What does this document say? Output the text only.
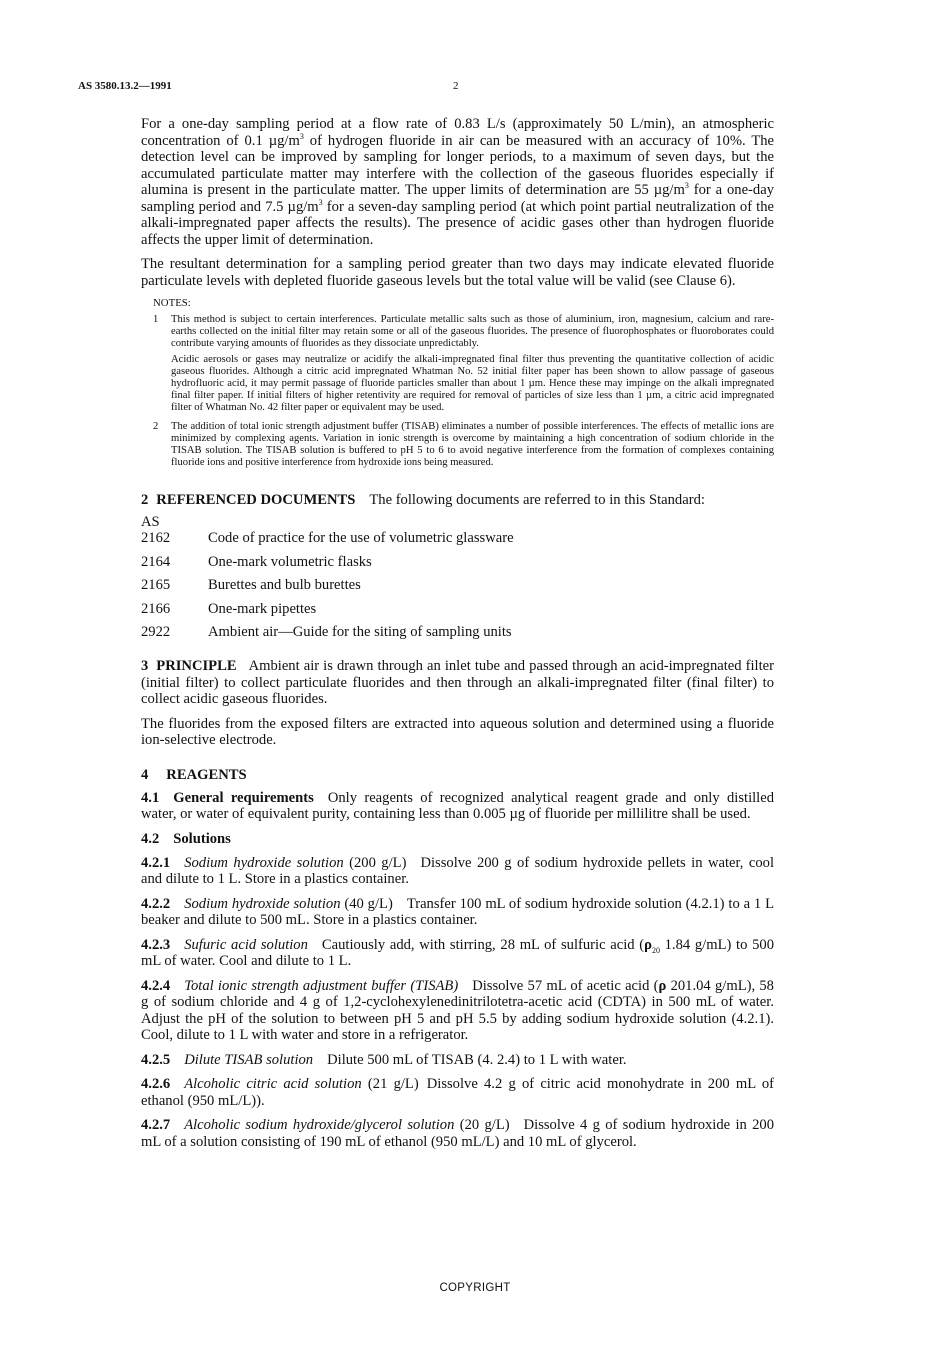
AS 3580.13.2—1991	2

For a one-day sampling period at a flow rate of 0.83 L/s (approximately 50 L/min), an atmospheric concentration of 0.1 $\mu g/m^3$ of hydrogen fluoride in air can be measured with an accuracy of 10%. The detection level can be improved by sampling for longer periods, to a maximum of seven days, but the accumulated particulate matter may interfere with the collection of the gaseous fluorides especially if alumina is present in the particulate matter. The upper limits of determination are 55 $\mu g/m^3$ for a one-day sampling period and 7.5 $\mu g/m^3$ for a seven-day sampling period (at which point partial neutralization of the alkali-impregnated paper affects the results). The presence of acidic gases other than hydrogen fluoride affects the upper limit of determination.

The resultant determination for a sampling period greater than two days may indicate elevated fluoride particulate levels with depleted fluoride gaseous levels but the total value will be valid (see Clause 6).

NOTES:
1	This method is subject to certain interferences. Particulate metallic salts such as those of aluminium, iron, magnesium, calcium and rare-earths collected on the initial filter may retain some or all of the gaseous fluorides. The presence of fluorophosphates or fluoroborates could contribute varying amounts of fluorides as they dissociate unpredictably.

Acidic aerosols or gases may neutralize or acidify the alkali-impregnated final filter thus preventing the quantitative collection of acidic gaseous fluorides. Although a citric acid impregnated Whatman No. 52 initial filter paper has been shown to allow passage of gaseous hydrofluoric acid, it may permit passage of fluoride particles smaller than about 1 µm. Hence these may impinge on the alkali impregnated final filter paper. If initial filters of higher retentivity are required for removal of particles of size less than 1 µm, a citric acid impregnated filter of Whatman No. 42 filter paper or equivalent may be used.

2	The addition of total ionic strength adjustment buffer (TISAB) eliminates a number of possible interferences. The effects of metallic ions are minimized by complexing agents. Variation in ionic strength is overcome by maintaining a high concentration of sodium chloride in the TISAB solution. The TISAB solution is buffered to pH 5 to 6 to avoid negative interference from the formation of complexes containing fluoride ions and positive interference from hydroxide ions being measured.

2 REFERENCED DOCUMENTS The following documents are referred to in this Standard:
AS
2162	Code of practice for the use of volumetric glassware
2164	One-mark volumetric flasks
2165	Burettes and bulb burettes
2166	One-mark pipettes
2922	Ambient air—Guide for the siting of sampling units

3 PRINCIPLE Ambient air is drawn through an inlet tube and passed through an acid-impregnated filter (initial filter) to collect particulate fluorides and then through an alkali-impregnated filter (final filter) to collect acidic gaseous fluorides.

The fluorides from the exposed filters are extracted into aqueous solution and determined using a fluoride ion-selective electrode.

4 REAGENTS

4.1 General requirements Only reagents of recognized analytical reagent grade and only distilled water, or water of equivalent purity, containing less than 0.005 µg of fluoride per millilitre shall be used.

4.2 Solutions

4.2.1 Sodium hydroxide solution (200 g/L) Dissolve 200 g of sodium hydroxide pellets in water, cool and dilute to 1 L. Store in a plastics container.

4.2.2 Sodium hydroxide solution (40 g/L) Transfer 100 mL of sodium hydroxide solution (4.2.1) to a 1 L beaker and dilute to 500 mL. Store in a plastics container.

4.2.3 Sufuric acid solution Cautiously add, with stirring, 28 mL of sulfuric acid ($\rho_{20}$ 1.84 g/mL) to 500 mL of water. Cool and dilute to 1 L.

4.2.4 Total ionic strength adjustment buffer (TISAB) Dissolve 57 mL of acetic acid (ρ 201.04 g/mL), 58 g of sodium chloride and 4 g of 1,2-cyclohexylenedinitrilotetra-acetic acid (CDTA) in 500 mL of water. Adjust the pH of the solution to between pH 5 and pH 5.5 by adding sodium hydroxide solution (4.2.1). Cool, dilute to 1 L with water and store in a refrigerator.

4.2.5 Dilute TISAB solution Dilute 500 mL of TISAB (4. 2.4) to 1 L with water.

4.2.6 Alcoholic citric acid solution (21 g/L) Dissolve 4.2 g of citric acid monohydrate in 200 mL of ethanol (950 mL/L)).

4.2.7 Alcoholic sodium hydroxide/glycerol solution (20 g/L) Dissolve 4 g of sodium hydroxide in 200 mL of a solution consisting of 190 mL of ethanol (950 mL/L) and 10 mL of glycerol.

COPYRIGHT
